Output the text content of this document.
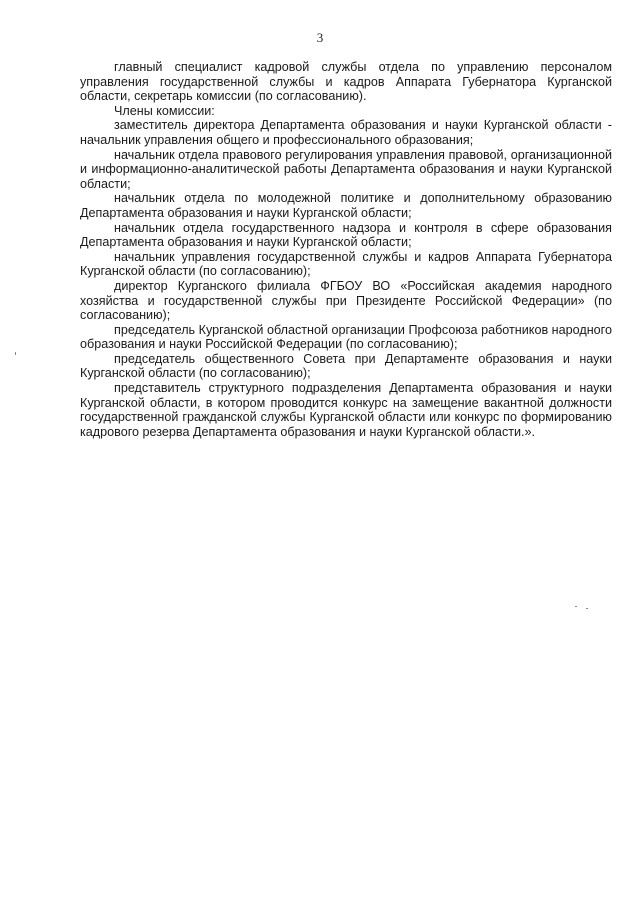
3

главный специалист кадровой службы отдела по управлению персоналом управления государственной службы и кадров Аппарата Губернатора Курганской области, секретарь комиссии (по согласованию).

Члены комиссии:

заместитель директора Департамента образования и науки Курганской области - начальник управления общего и профессионального образования;

начальник отдела правового регулирования управления правовой, организационной и информационно-аналитической работы Департамента образования и науки Курганской области;

начальник отдела по молодежной политике и дополнительному образованию Департамента образования и науки Курганской области;

начальник отдела государственного надзора и контроля в сфере образования Департамента образования и науки Курганской области;

начальник управления государственной службы и кадров Аппарата Губернатора Курганской области (по согласованию);

директор Курганского филиала ФГБОУ ВО «Российская академия народного хозяйства и государственной службы при Президенте Российской Федерации» (по согласованию);

председатель Курганской областной организации Профсоюза работников народного образования и науки Российской Федерации (по согласованию);

председатель общественного Совета при Департаменте образования и науки Курганской области (по согласованию);

представитель структурного подразделения Департамента образования и науки Курганской области, в котором проводится конкурс на замещение вакантной должности государственной гражданской службы Курганской области или конкурс по формированию кадрового резерва Департамента образования и науки Курганской области.».
